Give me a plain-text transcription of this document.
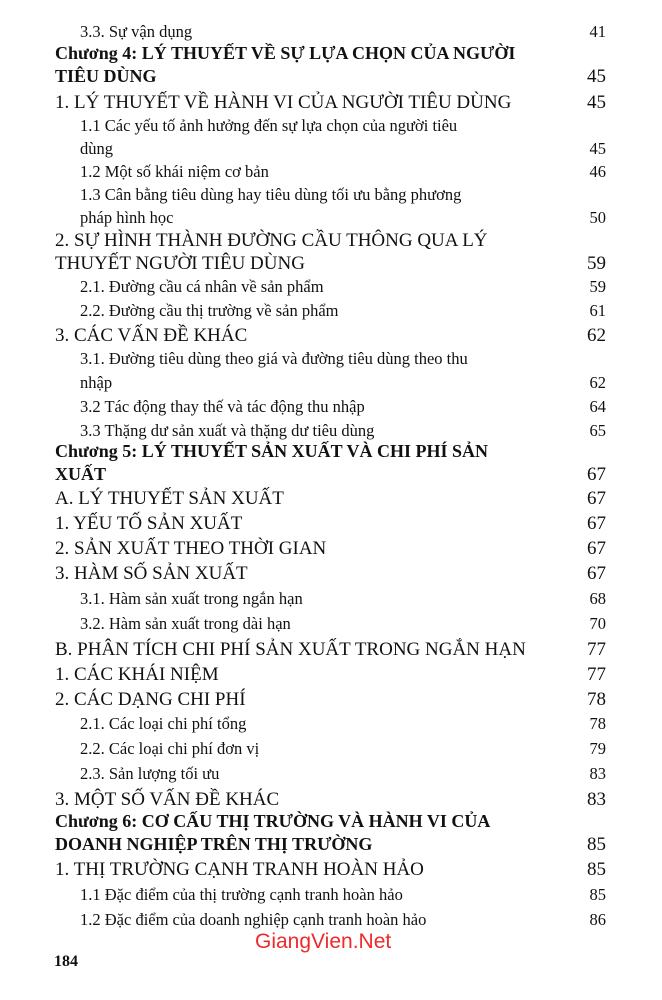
3.3. Sự vận dụng	41
Chương 4: LÝ THUYẾT VỀ SỰ LỰA CHỌN CỦA NGƯỜI
TIÊU DÙNG	45
1. LÝ THUYẾT VỀ HÀNH VI CỦA NGƯỜI TIÊU DÙNG	45
1.1 Các yếu tố ảnh hưởng đến sự lựa chọn của người tiêu
dùng	45
1.2 Một số khái niệm cơ bản	46
1.3 Cân bằng tiêu dùng hay tiêu dùng tối ưu bằng phương
pháp hình học	50
2. SỰ HÌNH THÀNH ĐƯỜNG CẦU THÔNG QUA LÝ
THUYẾT NGƯỜI TIÊU DÙNG	59
2.1. Đường cầu cá nhân về sản phẩm	59
2.2. Đường cầu thị trường về sản phẩm	61
3. CÁC VẤN ĐỀ KHÁC	62
3.1. Đường tiêu dùng theo giá và đường tiêu dùng theo thu
nhập	62
3.2 Tác động thay thế và tác động thu nhập	64
3.3 Thặng dư sản xuất và thặng dư tiêu dùng	65
Chương 5: LÝ THUYẾT SẢN XUẤT VÀ CHI PHÍ SẢN
XUẤT	67
A. LÝ THUYẾT SẢN XUẤT	67
1. YẾU TỐ SẢN XUẤT	67
2. SẢN XUẤT THEO THỜI GIAN	67
3. HÀM SỐ SẢN XUẤT	67
3.1. Hàm sản xuất trong ngắn hạn	68
3.2. Hàm sản xuất trong dài hạn	70
B. PHÂN TÍCH CHI PHÍ SẢN XUẤT TRONG NGẮN HẠN	77
1. CÁC KHÁI NIỆM	77
2. CÁC DẠNG CHI PHÍ	78
2.1. Các loại chi phí tổng	78
2.2. Các loại chi phí đơn vị	79
2.3. Sản lượng tối ưu	83
3. MỘT SỐ VẤN ĐỀ KHÁC	83
Chương 6: CƠ CẤU THỊ TRƯỜNG VÀ HÀNH VI CỦA
DOANH NGHIỆP TRÊN THỊ TRƯỜNG	85
1. THỊ TRƯỜNG CẠNH TRANH HOÀN HẢO	85
1.1 Đặc điểm của thị trường cạnh tranh hoàn hảo	85
1.2 Đặc điểm của doanh nghiệp cạnh tranh hoàn hảo	86
GiangVien.Net
184
